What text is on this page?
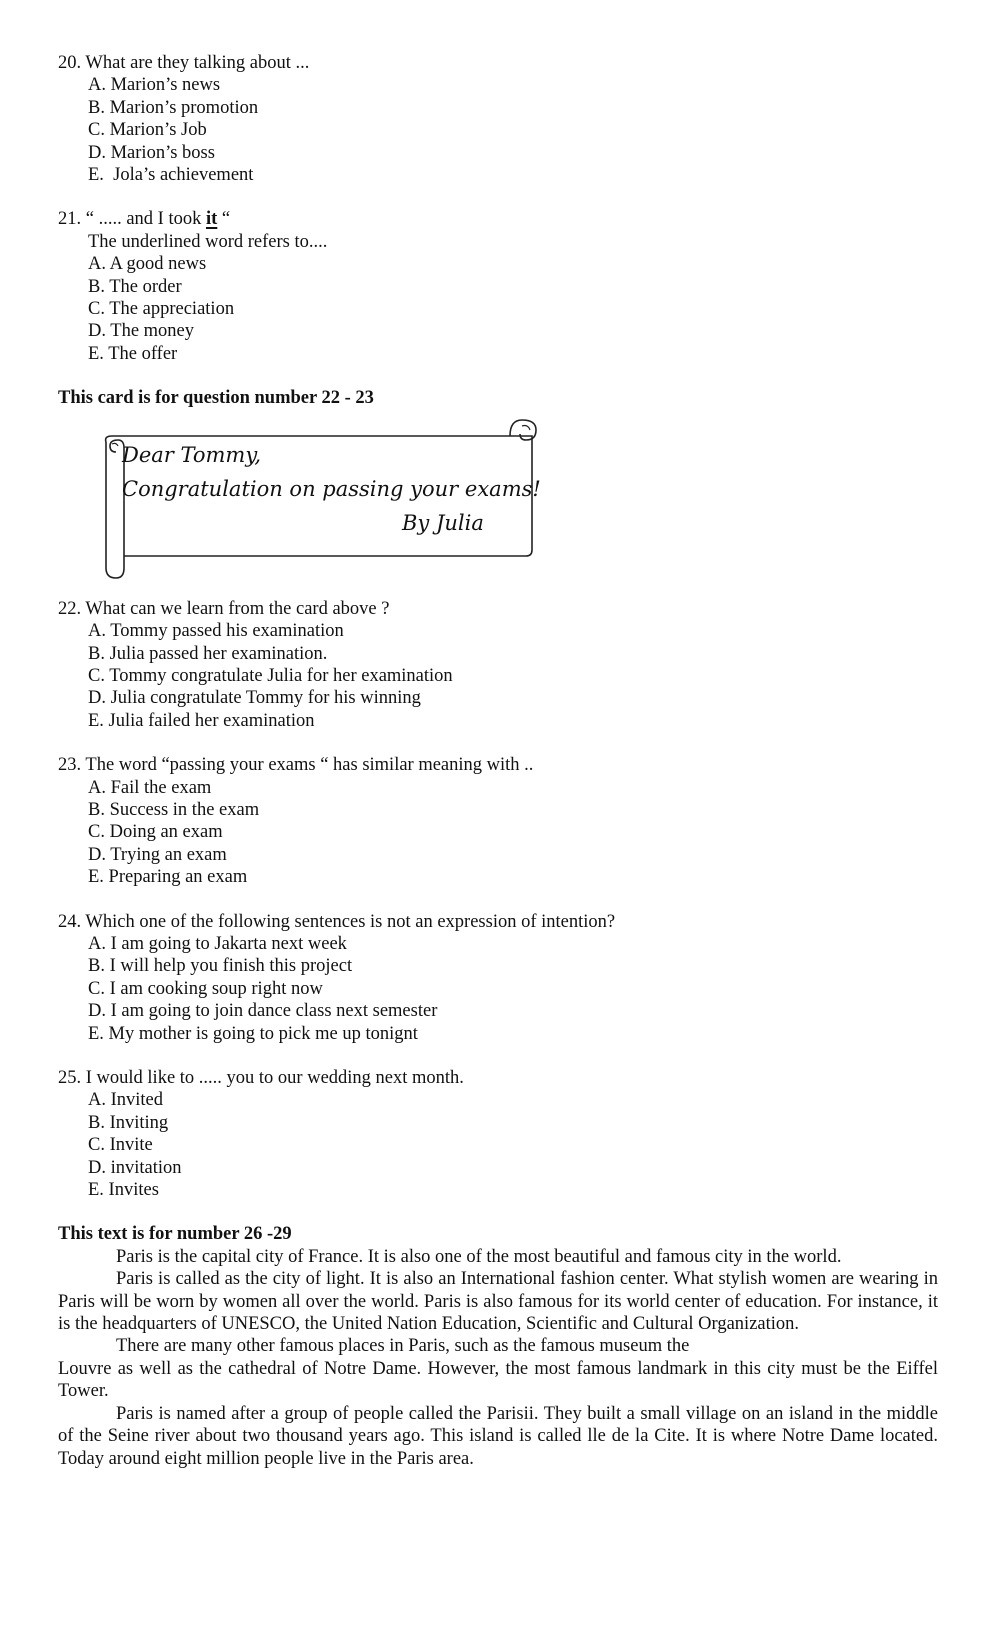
20. What are they talking about ...
A. Marion’s news
B. Marion’s promotion
C. Marion’s Job
D. Marion’s boss
E.  Jola’s achievement
21. “ ..... and I took it “
The underlined word refers to....
A. A good news
B. The order
C. The appreciation
D. The money
E. The offer
This card is for question number 22 - 23
Dear Tommy,
Congratulation on passing your exams!
By Julia
22. What can we learn from the card above ?
A. Tommy passed his examination
B. Julia passed her examination.
C. Tommy congratulate Julia for her examination
D. Julia congratulate Tommy for his winning
E. Julia failed her examination
23. The word “passing your exams “ has similar meaning with ..
A. Fail the exam
B. Success in the exam
C. Doing an exam
D. Trying an exam
E. Preparing an exam
24. Which one of the following sentences is not an expression of intention?
A. I am going to Jakarta next week
B. I will help you finish this project
C. I am cooking soup right now
D. I am going to join dance class next semester
E. My mother is going to pick me up tonignt
25. I would like to ..... you to our wedding next month.
A. Invited
B. Inviting
C. Invite
D. invitation
E. Invites
This text is for number 26 -29

Paris is the capital city of France. It is also one of the most beautiful and famous city in the world.

Paris is called as the city of light. It is also an International fashion center. What stylish women are wearing in Paris will be worn by women all over the world. Paris is also famous for its world center of education. For instance, it is the headquarters of UNESCO, the United Nation Education, Scientific and Cultural Organization.

There are many other famous places in Paris, such as the famous museum the

Louvre as well as the cathedral of Notre Dame. However, the most famous landmark in this city must be the Eiffel Tower.

Paris is named after a group of people called the Parisii. They built a small village on an island in the middle of the Seine river about two thousand years ago. This island is called lle de la Cite. It is where Notre Dame located. Today around eight million people live in the Paris area.
